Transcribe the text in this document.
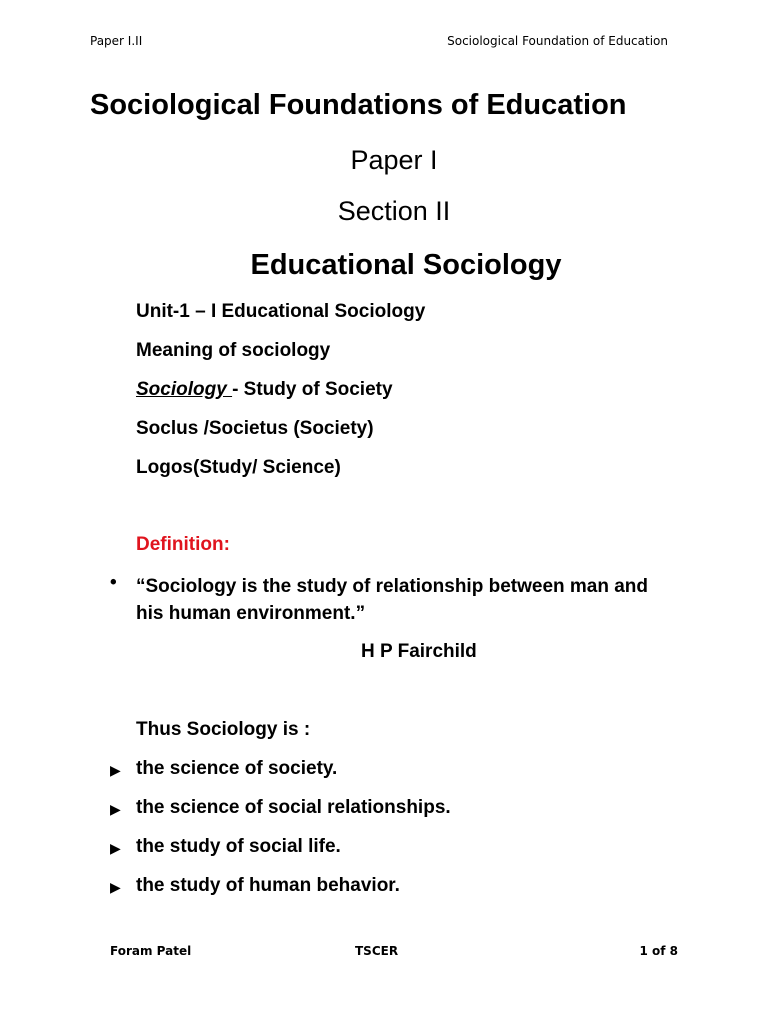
Paper I.II	Sociological Foundation of Education
Sociological Foundations of Education
Paper I
Section II
Educational Sociology
Unit-1 – I Educational Sociology
Meaning of sociology
Sociology - Study of Society
Soclus /Societus (Society)
Logos(Study/ Science)
Definition:
• “Sociology is the study of relationship between man and
his human environment.”
H P Fairchild
Thus Sociology is :
▶ the science of society.
▶ the science of social relationships.
▶ the study of social life.
▶ the study of human behavior.
Foram Patel	TSCER	1 of 8
